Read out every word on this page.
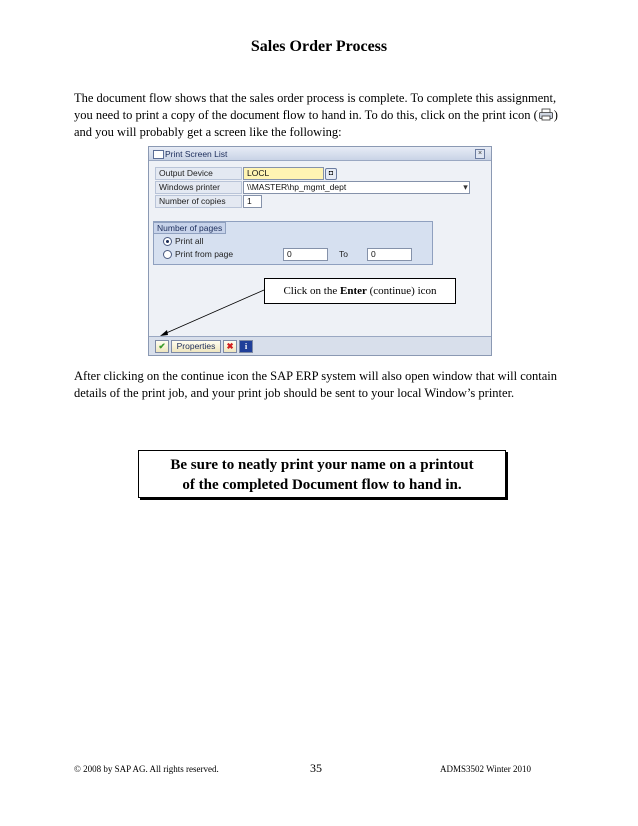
Sales Order Process
The document flow shows that the sales order process is complete. To complete this assignment,
you need to print a copy of the document flow to hand in. To do this, click on the print icon ( )
and you will probably get a screen like the following:
Print Screen List	×
Output Device	LOCL	◘
Windows printer	\\MASTER\hp_mgmt_dept	▾
Number of copies	1
Number of pages
Print all
Print from page	0	To	0
✔	Properties	✖	i
Click on the Enter (continue) icon
After clicking on the continue icon the SAP ERP system will also open window that will contain
details of the print job, and your print job should be sent to your local Window’s printer.
Be sure to neatly print your name on a printout
of the completed Document flow to hand in.
© 2008 by SAP AG. All rights reserved.	35	ADMS3502 Winter 2010
